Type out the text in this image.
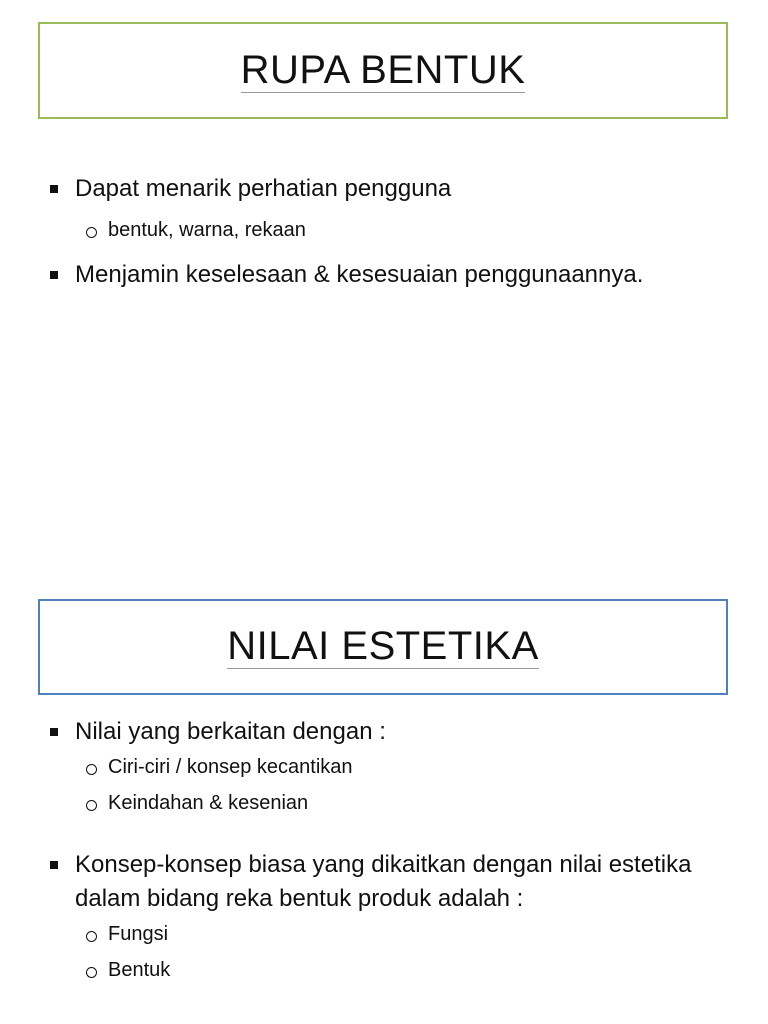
RUPA BENTUK
Dapat menarik perhatian pengguna
bentuk, warna, rekaan
Menjamin keselesaan & kesesuaian penggunaannya.
NILAI ESTETIKA
Nilai yang berkaitan dengan :
Ciri-ciri / konsep kecantikan
Keindahan & kesenian
Konsep-konsep biasa yang dikaitkan dengan nilai estetika dalam bidang reka bentuk produk adalah :
Fungsi
Bentuk
